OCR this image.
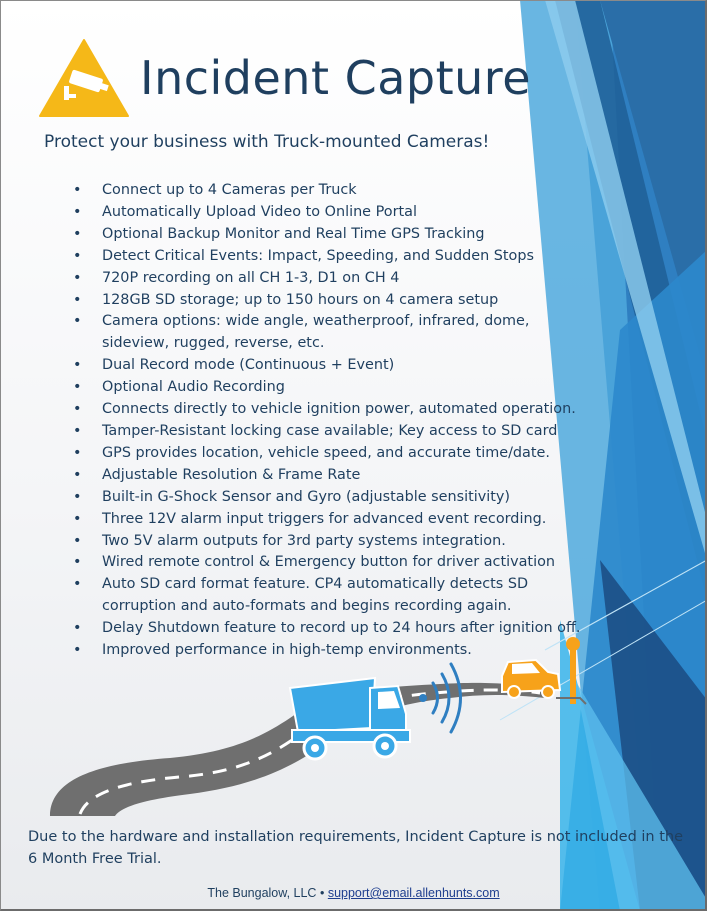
Incident Capture
Protect your business with Truck-mounted Cameras!
• Connect up to 4 Cameras per Truck
• Automatically Upload Video to Online Portal
• Optional Backup Monitor and Real Time GPS Tracking
• Detect Critical Events: Impact, Speeding, and Sudden Stops
• 720P recording on all CH 1-3, D1 on CH 4
• 128GB SD storage; up to 150 hours on 4 camera setup
• Camera options: wide angle, weatherproof, infrared, dome, sideview, rugged, reverse, etc.
• Dual Record mode (Continuous + Event)
• Optional Audio Recording
• Connects directly to vehicle ignition power, automated operation.
• Tamper-Resistant locking case available; Key access to SD card
• GPS provides location, vehicle speed, and accurate time/date.
• Adjustable Resolution & Frame Rate
• Built-in G-Shock Sensor and Gyro (adjustable sensitivity)
• Three 12V alarm input triggers for advanced event recording.
• Two 5V alarm outputs for 3rd party systems integration.
• Wired remote control & Emergency button for driver activation
• Auto SD card format feature. CP4 automatically detects SD corruption and auto-formats and begins recording again.
• Delay Shutdown feature to record up to 24 hours after ignition off.
• Improved performance in high-temp environments.
Due to the hardware and installation requirements, Incident Capture is not included in the 6 Month Free Trial.
The Bungalow, LLC • support@email.allenhunts.com
